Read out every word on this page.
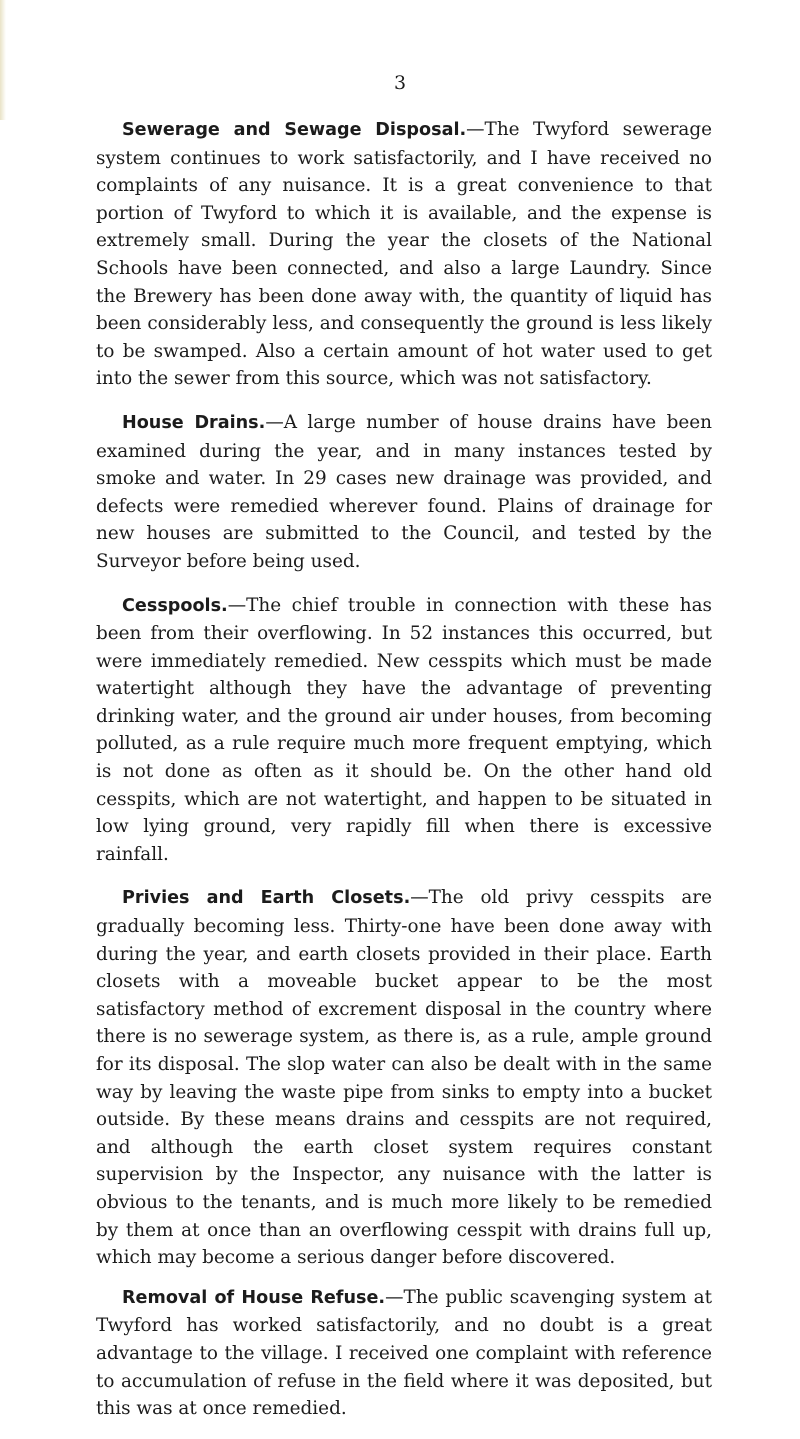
3

Sewerage and Sewage Disposal.—The Twyford sewerage system continues to work satisfactorily, and I have received no complaints of any nuisance. It is a great convenience to that portion of Twyford to which it is available, and the expense is extremely small. During the year the closets of the National Schools have been connected, and also a large Laundry. Since the Brewery has been done away with, the quantity of liquid has been considerably less, and consequently the ground is less likely to be swamped. Also a certain amount of hot water used to get into the sewer from this source, which was not satisfactory.

House Drains.—A large number of house drains have been examined during the year, and in many instances tested by smoke and water. In 29 cases new drainage was provided, and defects were remedied wherever found. Plains of drainage for new houses are submitted to the Council, and tested by the Surveyor before being used.

Cesspools.—The chief trouble in connection with these has been from their overflowing. In 52 instances this occurred, but were immediately remedied. New cesspits which must be made watertight although they have the advantage of preventing drinking water, and the ground air under houses, from becoming polluted, as a rule require much more frequent emptying, which is not done as often as it should be. On the other hand old cesspits, which are not watertight, and happen to be situated in low lying ground, very rapidly fill when there is excessive rainfall.

Privies and Earth Closets.—The old privy cesspits are gradually becoming less. Thirty-one have been done away with during the year, and earth closets provided in their place. Earth closets with a moveable bucket appear to be the most satisfactory method of excrement disposal in the country where there is no sewerage system, as there is, as a rule, ample ground for its disposal. The slop water can also be dealt with in the same way by leaving the waste pipe from sinks to empty into a bucket outside. By these means drains and cesspits are not required, and although the earth closet system requires constant supervision by the Inspector, any nuisance with the latter is obvious to the tenants, and is much more likely to be remedied by them at once than an overflowing cesspit with drains full up, which may become a serious danger before discovered.

Removal of House Refuse.—The public scavenging system at Twyford has worked satisfactorily, and no doubt is a great advantage to the village. I received one complaint with reference to accumulation of refuse in the field where it was deposited, but this was at once remedied.
